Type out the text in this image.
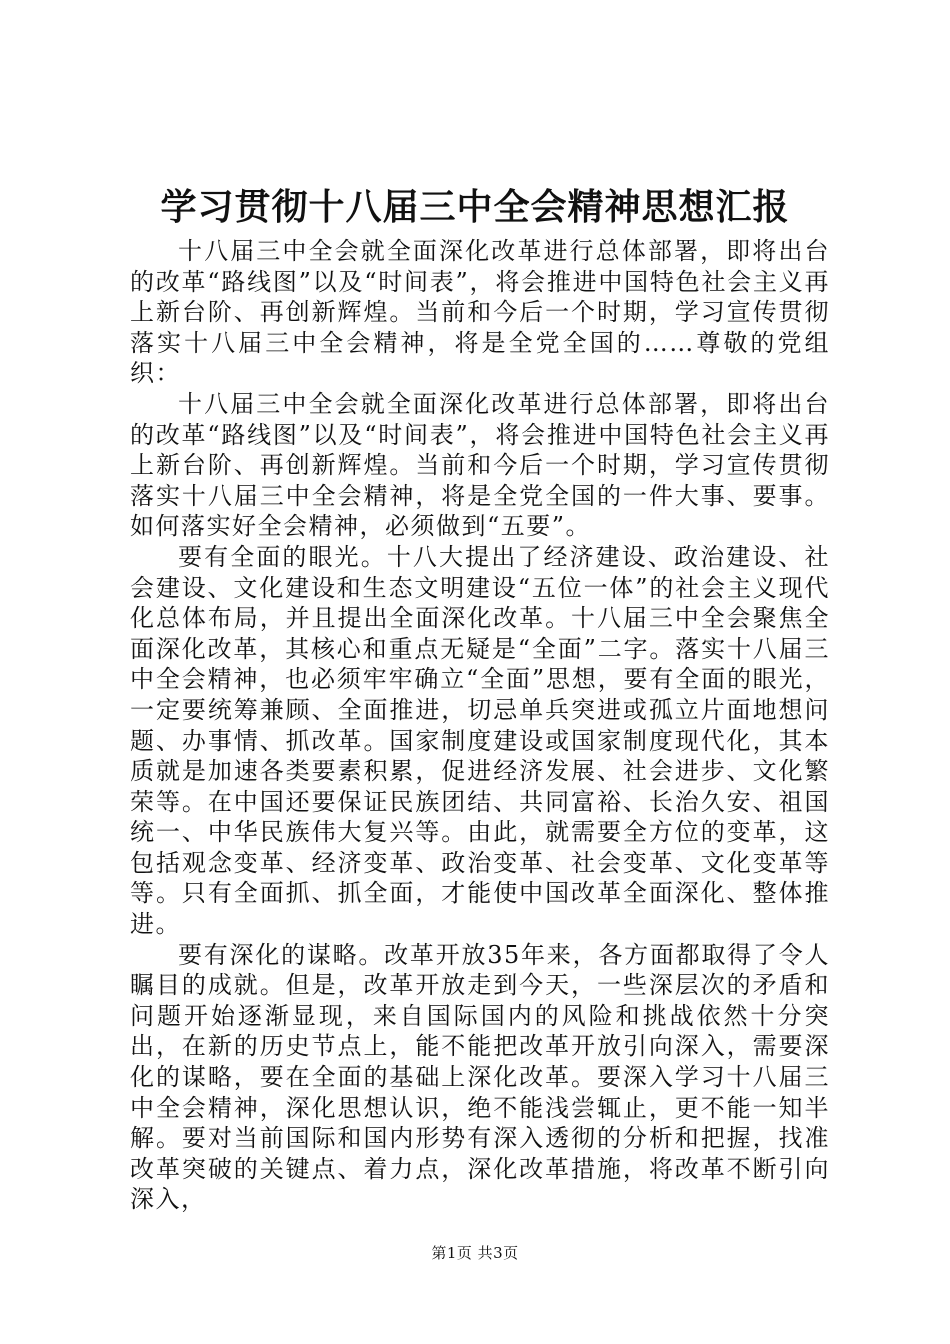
学习贯彻十八届三中全会精神思想汇报

十八届三中全会就全面深化改革进行总体部署，即将出台的改革“路线图”以及“时间表”，将会推进中国特色社会主义再上新台阶、再创新辉煌。当前和今后一个时期，学习宣传贯彻落实十八届三中全会精神，将是全党全国的……尊敬的党组织：

十八届三中全会就全面深化改革进行总体部署，即将出台的改革“路线图”以及“时间表”，将会推进中国特色社会主义再上新台阶、再创新辉煌。当前和今后一个时期，学习宣传贯彻落实十八届三中全会精神，将是全党全国的一件大事、要事。如何落实好全会精神，必须做到“五要”。

要有全面的眼光。十八大提出了经济建设、政治建设、社会建设、文化建设和生态文明建设“五位一体”的社会主义现代化总体布局，并且提出全面深化改革。十八届三中全会聚焦全面深化改革，其核心和重点无疑是“全面”二字。落实十八届三中全会精神，也必须牢牢确立“全面”思想，要有全面的眼光，一定要统筹兼顾、全面推进，切忌单兵突进或孤立片面地想问题、办事情、抓改革。国家制度建设或国家制度现代化，其本质就是加速各类要素积累，促进经济发展、社会进步、文化繁荣等。在中国还要保证民族团结、共同富裕、长治久安、祖国统一、中华民族伟大复兴等。由此，就需要全方位的变革，这包括观念变革、经济变革、政治变革、社会变革、文化变革等等。只有全面抓、抓全面，才能使中国改革全面深化、整体推进。

要有深化的谋略。改革开放35年来，各方面都取得了令人瞩目的成就。但是，改革开放走到今天，一些深层次的矛盾和问题开始逐渐显现，来自国际国内的风险和挑战依然十分突出，在新的历史节点上，能不能把改革开放引向深入，需要深化的谋略，要在全面的基础上深化改革。要深入学习十八届三中全会精神，深化思想认识，绝不能浅尝辄止，更不能一知半解。要对当前国际和国内形势有深入透彻的分析和把握，找准改革突破的关键点、着力点，深化改革措施，将改革不断引向深入，

第1页 共3页
